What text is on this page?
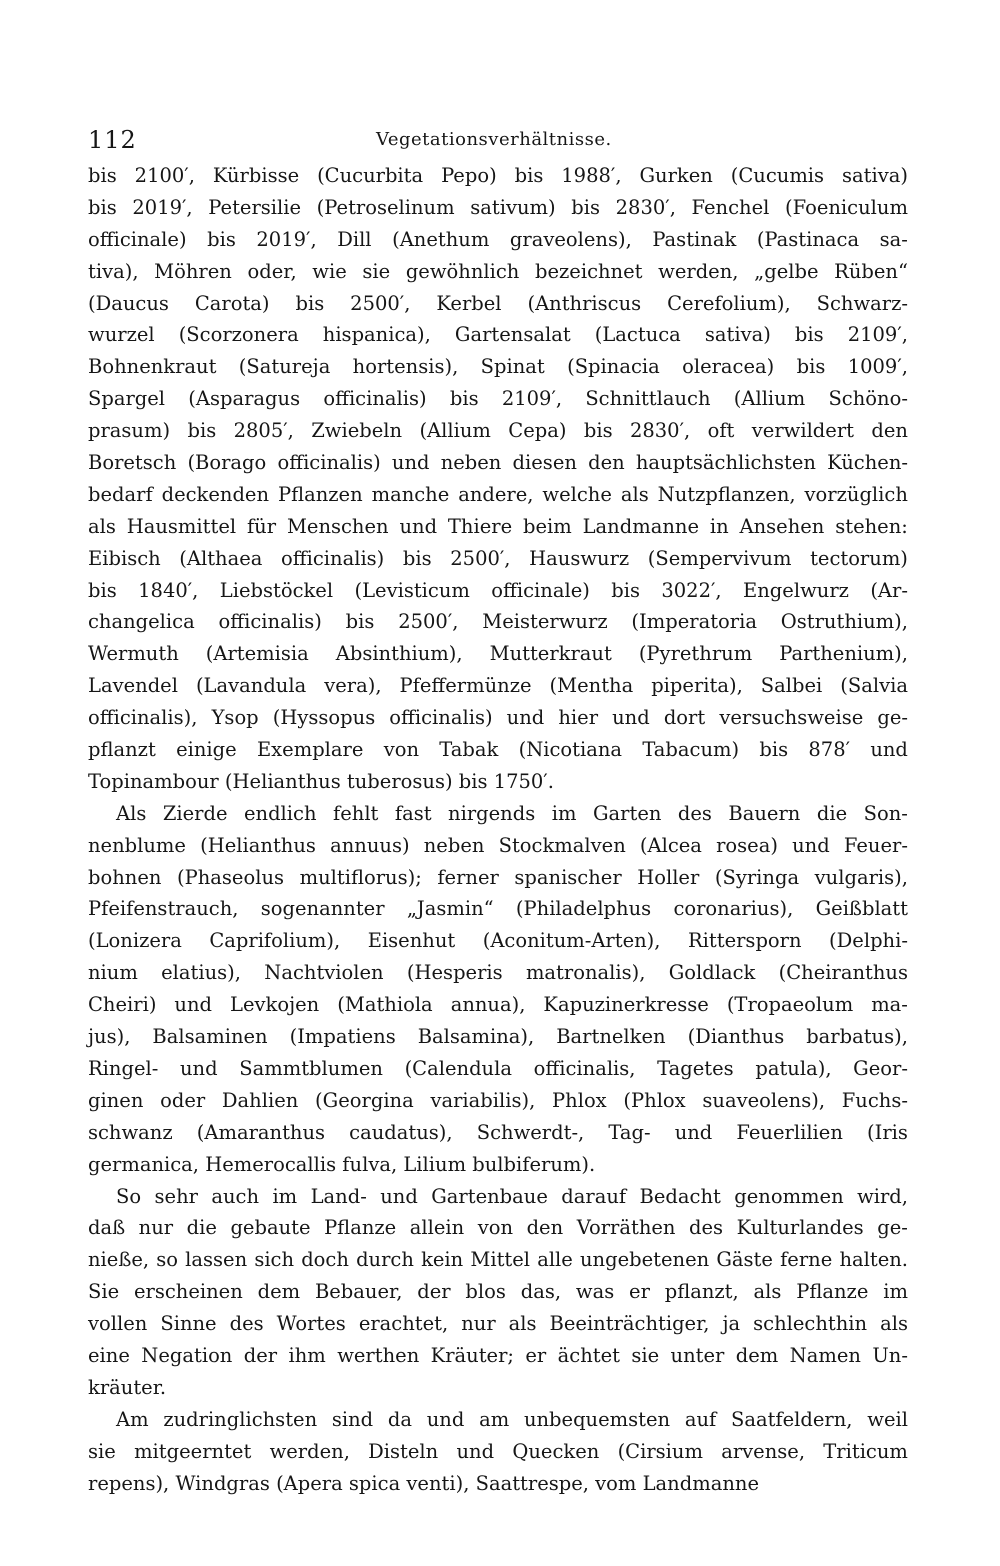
112	Vegetationsverhältnisse.
bis 2100′, Kürbisse (Cucurbita Pepo) bis 1988′, Gurken (Cucumis sativa)
bis 2019′, Petersilie (Petroselinum sativum) bis 2830′, Fenchel (Foeniculum
officinale) bis 2019′, Dill (Anethum graveolens), Pastinak (Pastinaca sa-
tiva), Möhren oder, wie sie gewöhnlich bezeichnet werden, „gelbe Rüben“
(Daucus Carota) bis 2500′, Kerbel (Anthriscus Cerefolium), Schwarz-
wurzel (Scorzonera hispanica), Gartensalat (Lactuca sativa) bis 2109′,
Bohnenkraut (Satureja hortensis), Spinat (Spinacia oleracea) bis 1009′,
Spargel (Asparagus officinalis) bis 2109′, Schnittlauch (Allium Schöno-
prasum) bis 2805′, Zwiebeln (Allium Cepa) bis 2830′, oft verwildert den
Boretsch (Borago officinalis) und neben diesen den hauptsächlichsten Küchen-
bedarf deckenden Pflanzen manche andere, welche als Nutzpflanzen, vorzüglich
als Hausmittel für Menschen und Thiere beim Landmanne in Ansehen stehen:
Eibisch (Althaea officinalis) bis 2500′, Hauswurz (Sempervivum tectorum)
bis 1840′, Liebstöckel (Levisticum officinale) bis 3022′, Engelwurz (Ar-
changelica officinalis) bis 2500′, Meisterwurz (Imperatoria Ostruthium),
Wermuth (Artemisia Absinthium), Mutterkraut (Pyrethrum Parthenium),
Lavendel (Lavandula vera), Pfeffermünze (Mentha piperita), Salbei (Salvia
officinalis), Ysop (Hyssopus officinalis) und hier und dort versuchsweise ge-
pflanzt einige Exemplare von Tabak (Nicotiana Tabacum) bis 878′ und
Topinambour (Helianthus tuberosus) bis 1750′.
Als Zierde endlich fehlt fast nirgends im Garten des Bauern die Son-
nenblume (Helianthus annuus) neben Stockmalven (Alcea rosea) und Feuer-
bohnen (Phaseolus multiflorus); ferner spanischer Holler (Syringa vulgaris),
Pfeifenstrauch, sogenannter „Jasmin“ (Philadelphus coronarius), Geißblatt
(Lonizera Caprifolium), Eisenhut (Aconitum-Arten), Rittersporn (Delphi-
nium elatius), Nachtviolen (Hesperis matronalis), Goldlack (Cheiranthus
Cheiri) und Levkojen (Mathiola annua), Kapuzinerkresse (Tropaeolum ma-
jus), Balsaminen (Impatiens Balsamina), Bartnelken (Dianthus barbatus),
Ringel- und Sammtblumen (Calendula officinalis, Tagetes patula), Geor-
ginen oder Dahlien (Georgina variabilis), Phlox (Phlox suaveolens), Fuchs-
schwanz (Amaranthus caudatus), Schwerdt-, Tag- und Feuerlilien (Iris
germanica, Hemerocallis fulva, Lilium bulbiferum).
So sehr auch im Land- und Gartenbaue darauf Bedacht genommen wird,
daß nur die gebaute Pflanze allein von den Vorräthen des Kulturlandes ge-
nieße, so lassen sich doch durch kein Mittel alle ungebetenen Gäste ferne halten.
Sie erscheinen dem Bebauer, der blos das, was er pflanzt, als Pflanze im
vollen Sinne des Wortes erachtet, nur als Beeinträchtiger, ja schlechthin als
eine Negation der ihm werthen Kräuter; er ächtet sie unter dem Namen Un-
kräuter.
Am zudringlichsten sind da und am unbequemsten auf Saatfeldern, weil
sie mitgeerntet werden, Disteln und Quecken (Cirsium arvense, Triticum
repens), Windgras (Apera spica venti), Saattrespe, vom Landmanne
